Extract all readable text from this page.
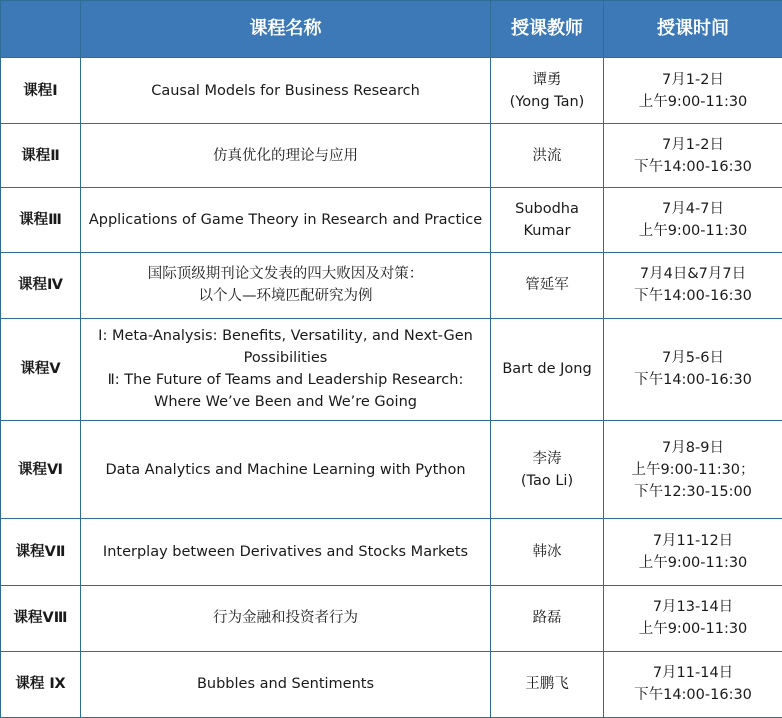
	课程名称	授课教师	授课时间
课程Ⅰ	Causal Models for Business Research	谭勇
(Yong Tan)	7月1-2日
上午9:00-11:30

课程Ⅱ	仿真优化的理论与应用	洪流	7月1-2日
下午14:00-16:30

课程Ⅲ	Applications of Game Theory in Research and Practice	Subodha
Kumar	7月4-7日
上午9:00-11:30

课程Ⅳ	国际顶级期刊论文发表的四大败因及对策：
以个人—环境匹配研究为例	管延军	7月4日&7月7日
下午14:00-16:30

课程Ⅴ	Ⅰ: Meta-Analysis: Benefits, Versatility, and Next-Gen
Possibilities
Ⅱ: The Future of Teams and Leadership Research:
Where We’ve Been and We’re Going	Bart de Jong	7月5-6日
下午14:00-16:30

课程Ⅵ	Data Analytics and Machine Learning with Python	李涛
(Tao Li)	7月8-9日
上午9:00-11:30；
下午12:30-15:00

课程ⅤⅡ	Interplay between Derivatives and Stocks Markets	韩冰	7月11-12日
上午9:00-11:30

课程ⅤⅢ	行为金融和投资者行为	路磊	7月13-14日
上午9:00-11:30

课程 Ⅸ	Bubbles and Sentiments	王鹏飞	7月11-14日
下午14:00-16:30
